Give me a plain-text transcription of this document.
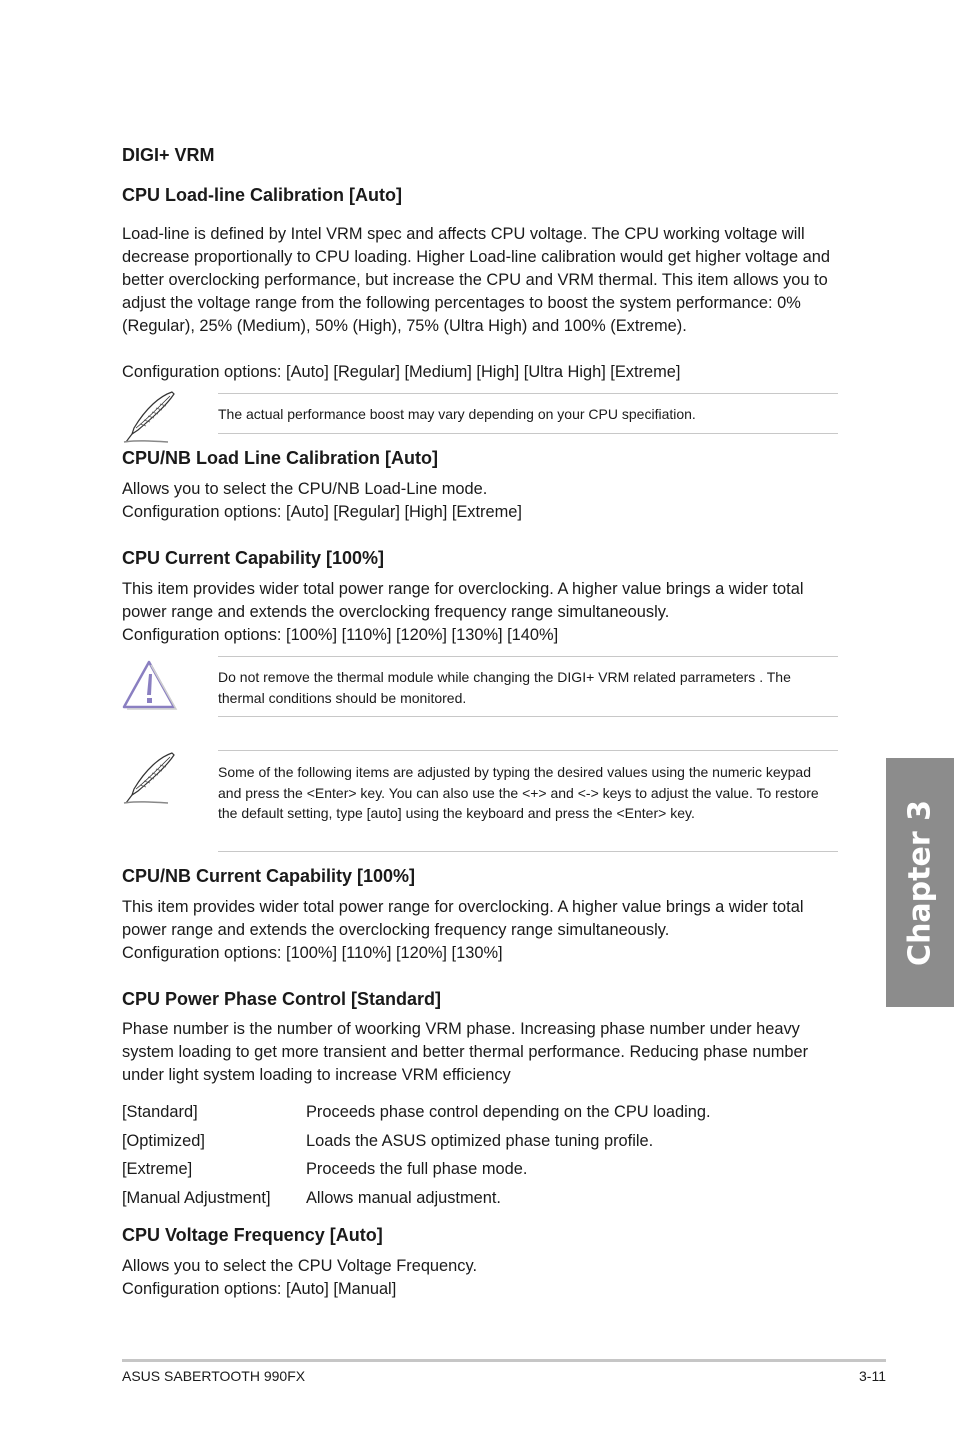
DIGI+ VRM
CPU Load-line Calibration [Auto]

Load-line is defined by Intel VRM spec and affects CPU voltage. The CPU working voltage will decrease proportionally to CPU loading. Higher Load-line calibration would get higher voltage and better overclocking performance, but increase the CPU and VRM thermal. This item allows you to adjust the voltage range from the following percentages to boost the system performance: 0% (Regular), 25% (Medium), 50% (High), 75% (Ultra High) and 100% (Extreme).

Configuration options: [Auto] [Regular] [Medium] [High] [Ultra High] [Extreme]

The actual performance boost may vary depending on your CPU specifiation.
CPU/NB Load Line Calibration [Auto]

Allows you to select the CPU/NB Load-Line mode.

Configuration options: [Auto] [Regular] [High] [Extreme]

CPU Current Capability [100%]

This item provides wider total power range for overclocking. A higher value brings a wider total power range and extends the overclocking frequency range simultaneously.

Configuration options: [100%] [110%] [120%] [130%] [140%]

Do not remove the thermal module while changing the DIGI+ VRM related parrameters . The thermal conditions should be monitored.
Some of the following items are adjusted by typing the desired values using the numeric keypad and press the <Enter> key. You can also use the <+> and <-> keys to adjust the value. To restore the default setting, type [auto] using the keyboard and press the <Enter> key.
CPU/NB Current Capability [100%]

This item provides wider total power range for overclocking. A higher value brings a wider total power range and extends the overclocking frequency range simultaneously.

Configuration options: [100%] [110%] [120%] [130%]

CPU Power Phase Control [Standard]

Phase number is the number of woorking VRM phase. Increasing phase number under heavy system loading to get more transient and better thermal performance. Reducing phase number under light system loading to increase VRM efficiency

[Standard]	Proceeds phase control depending on the CPU loading.
[Optimized]	Loads the ASUS optimized phase tuning profile.
[Extreme]	Proceeds the full phase mode.
[Manual Adjustment] Allows manual adjustment.
CPU Voltage Frequency [Auto]

Allows you to select the CPU Voltage Frequency.

Configuration options: [Auto] [Manual]

Chapter 3
ASUS SABERTOOTH 990FX	3-11
